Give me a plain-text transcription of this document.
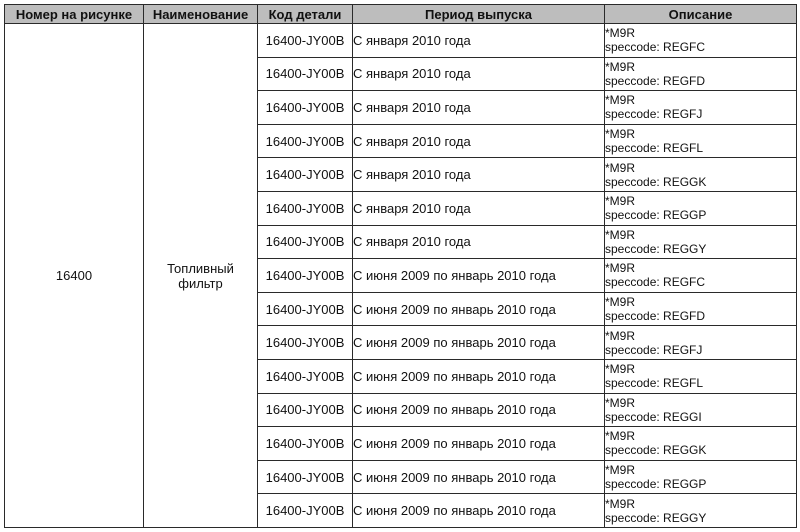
Номер на рисунке	Наименование	Код детали	Период выпуска	Описание
16400	Топливный фильтр	16400-JY00B	С января 2010 года	*M9R
speccode: REGFC

		16400-JY00B	С января 2010 года	*M9R
speccode: REGFD

		16400-JY00B	С января 2010 года	*M9R
speccode: REGFJ

		16400-JY00B	С января 2010 года	*M9R
speccode: REGFL

		16400-JY00B	С января 2010 года	*M9R
speccode: REGGK

		16400-JY00B	С января 2010 года	*M9R
speccode: REGGP

		16400-JY00B	С января 2010 года	*M9R
speccode: REGGY

		16400-JY00B	С июня 2009 по январь 2010 года	*M9R
speccode: REGFC

		16400-JY00B	С июня 2009 по январь 2010 года	*M9R
speccode: REGFD

		16400-JY00B	С июня 2009 по январь 2010 года	*M9R
speccode: REGFJ

		16400-JY00B	С июня 2009 по январь 2010 года	*M9R
speccode: REGFL

		16400-JY00B	С июня 2009 по январь 2010 года	*M9R
speccode: REGGI

		16400-JY00B	С июня 2009 по январь 2010 года	*M9R
speccode: REGGK

		16400-JY00B	С июня 2009 по январь 2010 года	*M9R
speccode: REGGP

		16400-JY00B	С июня 2009 по январь 2010 года	*M9R
speccode: REGGY
